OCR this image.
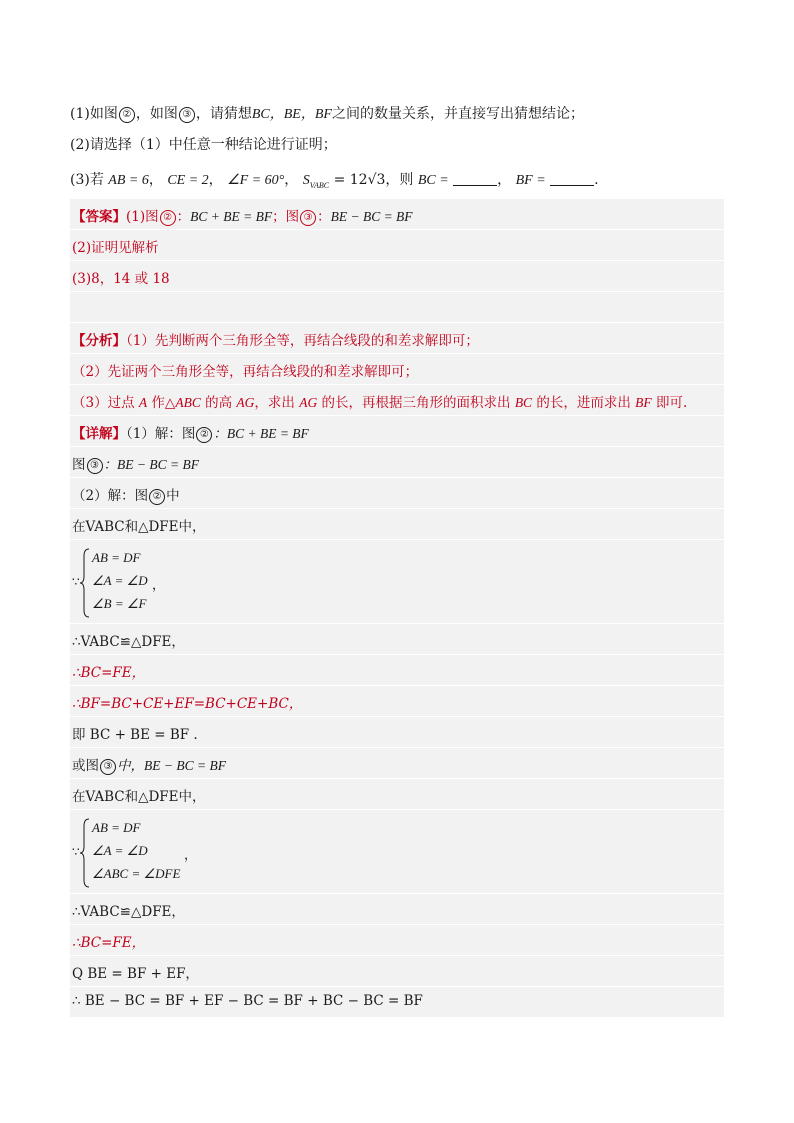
(1)如图 ② ，如图 ③ ，请猜想BC，BE，BF之间的数量关系，并直接写出猜想结论；
(2)请选择（1）中任意一种结论进行证明；
(3)若 AB = 6， CE = 2， ∠F = 60°， $S_{VABC} = 12√3$，则 BC =	， BF =	.
【答案】(1)图 ② ：BC + BE = BF；图 ③ ：BE − BC = BF
(2)证明见解析
(3)8，14 或 18
【分析】（1）先判断两个三角形全等，再结合线段的和差求解即可；
（2）先证两个三角形全等，再结合线段的和差求解即可；
（3）过点 A 作△ABC 的高 AG，求出 AG 的长，再根据三角形的面积求出 BC 的长，进而求出 BF 即可.
【详解】（1）解：图 ② ：BC + BE = BF
图 ③ ：BE − BC = BF
（2）解：图 ② 中
在VABC和△DFE中，
∵
AB = DF
∠A = ∠D
∠B = ∠F
，
∴VABC≌△DFE，
∴BC=FE，
∴BF=BC+CE+EF=BC+CE+BC，
即 BC + BE = BF .
或图 ③ 中，BE − BC = BF
在VABC和△DFE中，
∵
AB = DF
∠A = ∠D
∠ABC = ∠DFE
，
∴VABC≌△DFE，
∴BC=FE，
Q BE = BF + EF，
∴ BE − BC = BF + EF − BC = BF + BC − BC = BF
